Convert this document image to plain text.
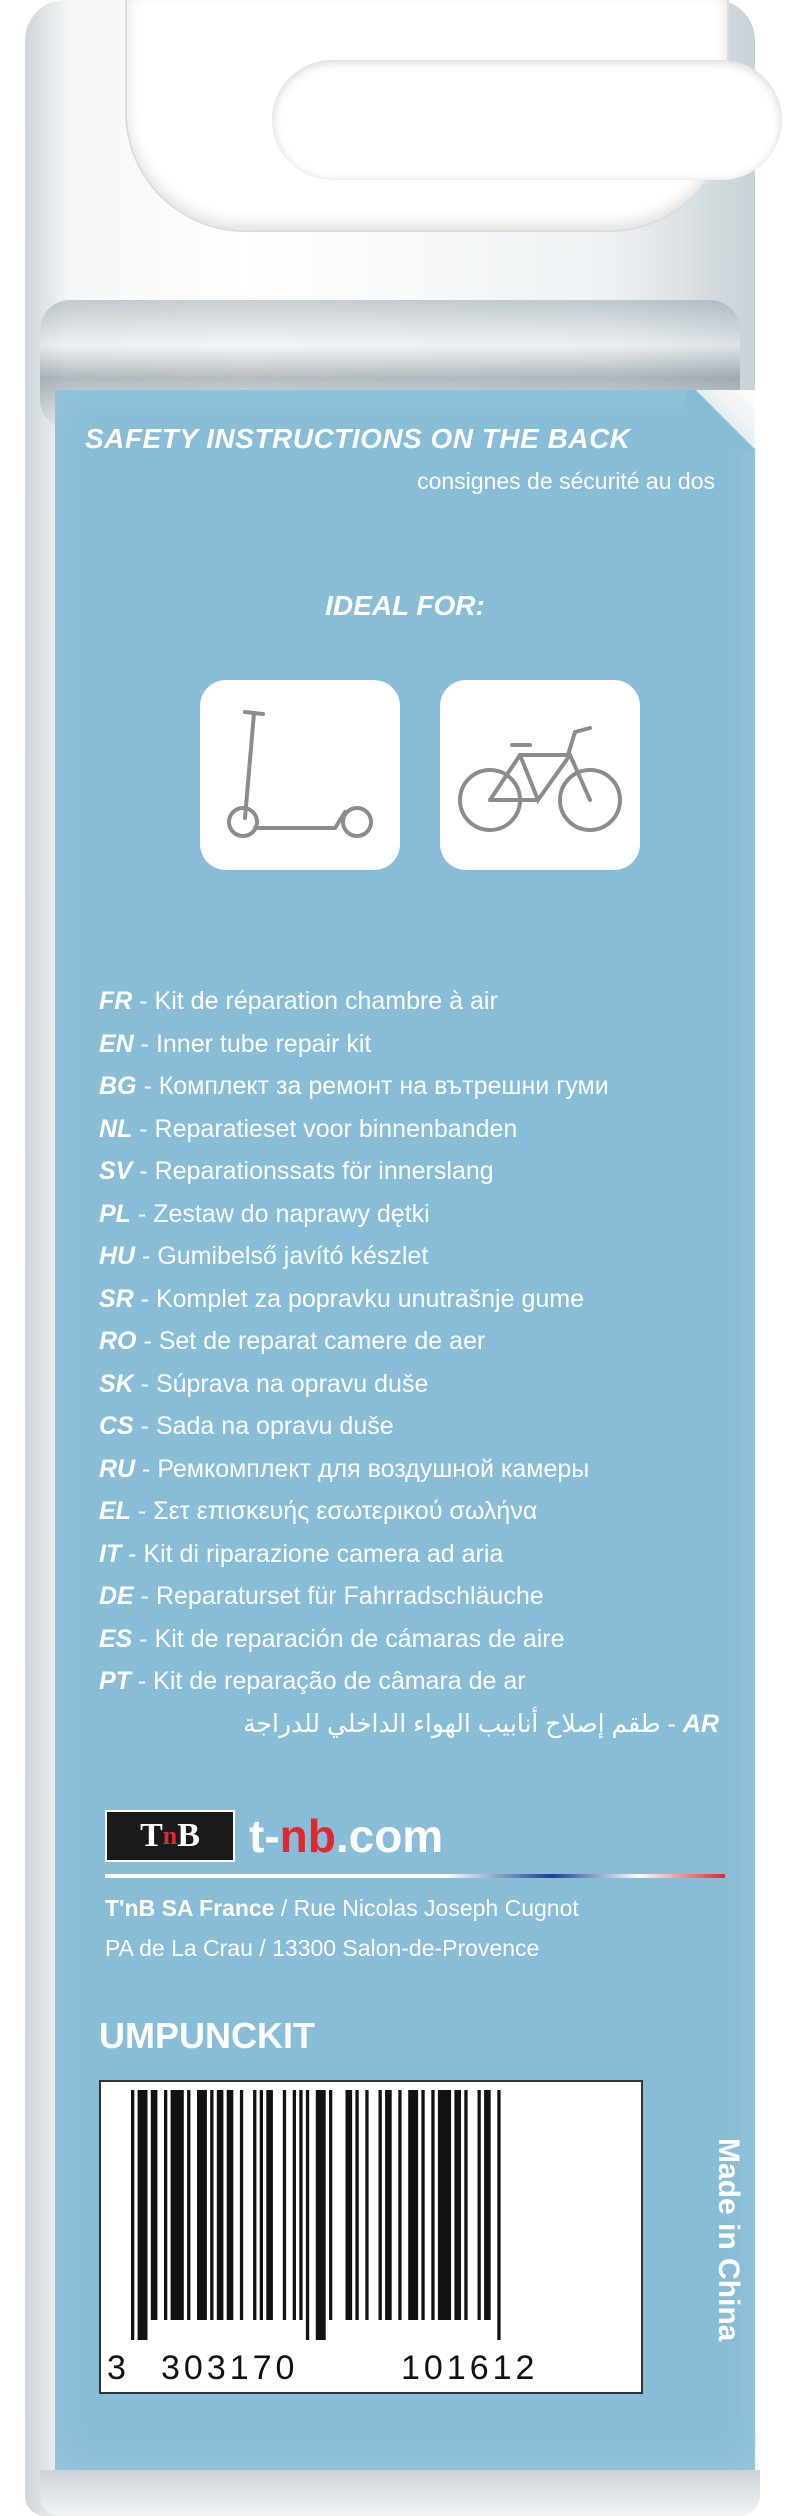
SAFETY INSTRUCTIONS ON THE BACK
consignes de sécurité au dos
IDEAL FOR:
FR - Kit de réparation chambre à air
EN - Inner tube repair kit
BG - Комплект за ремонт на вътрешни гуми
NL - Reparatieset voor binnenbanden
SV - Reparationssats för innerslang
PL - Zestaw do naprawy dętki
HU - Gumibelső javító készlet
SR - Komplet za popravku unutrašnje gume
RO - Set de reparat camere de aer
SK - Súprava na opravu duše
CS - Sada na opravu duše
RU - Ремкомплект для воздушной камеры
EL - Σετ επισκευής εσωτερικού σωλήνα
IT - Kit di riparazione camera ad aria
DE - Reparaturset für Fahrradschläuche
ES - Kit de reparación de cámaras de aire
PT - Kit de reparação de câmara de ar
طقم إصلاح أنابيب الهواء الداخلي للدراجة - AR
T n B t-nb.com
T'nB SA France / Rue Nicolas Joseph Cugnot
PA de La Crau / 13300 Salon-de-Provence
UMPUNCKIT
3 303170	101612
Made in China
